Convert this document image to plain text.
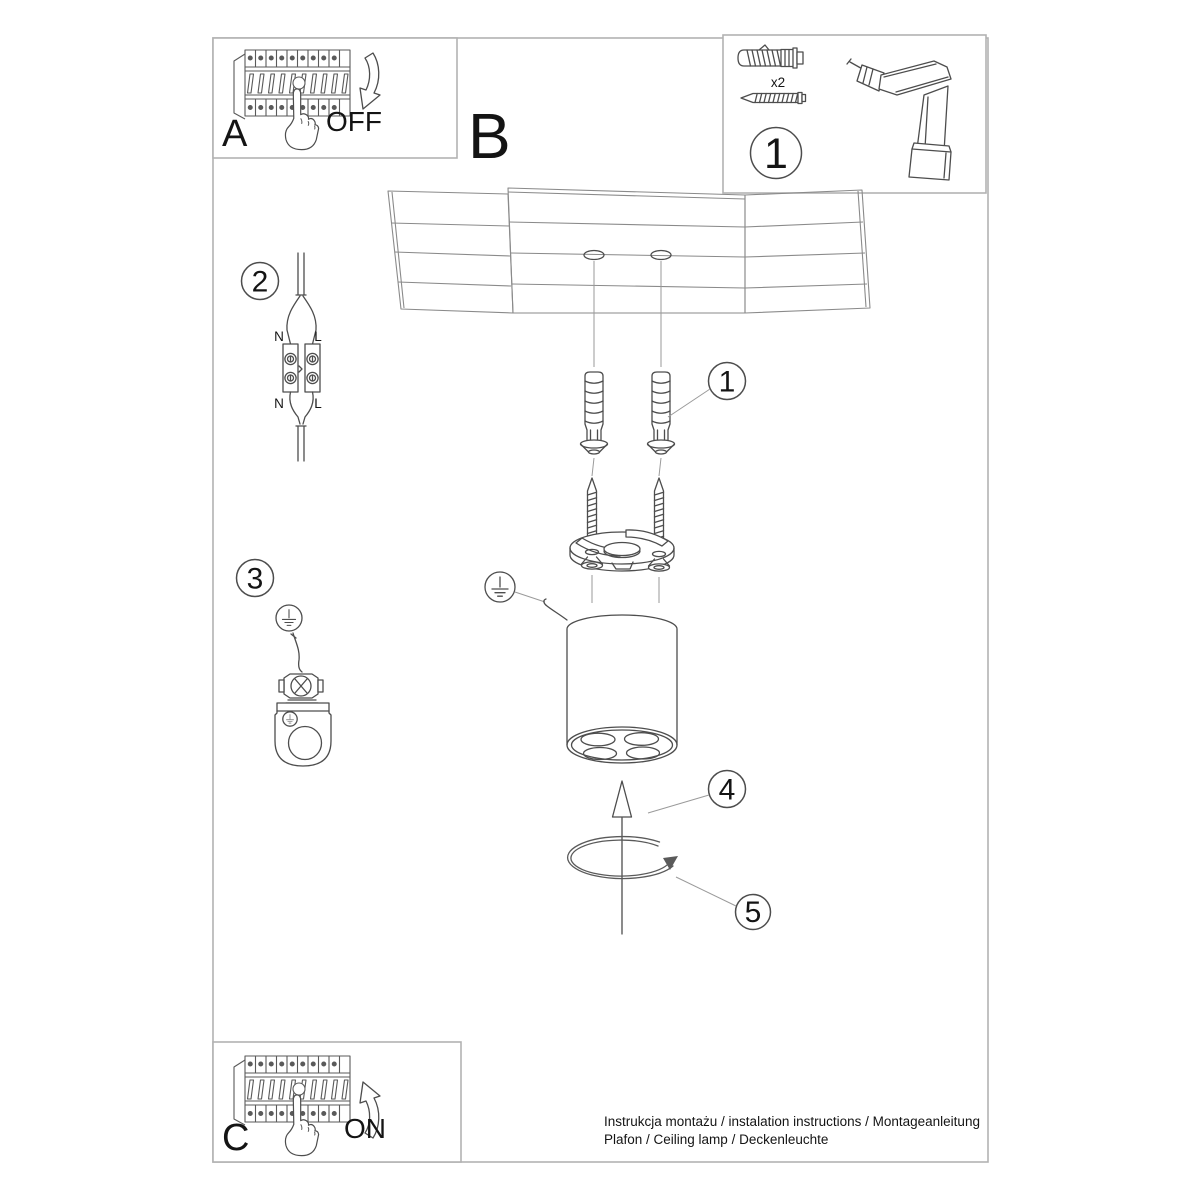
OFF
A	B
x2
1
2
N L
N L
3
1
4
5
ON
C	Instrukcja montażu / instalation instructions / Montageanleitung
Plafon / Ceiling lamp / Deckenleuchte
